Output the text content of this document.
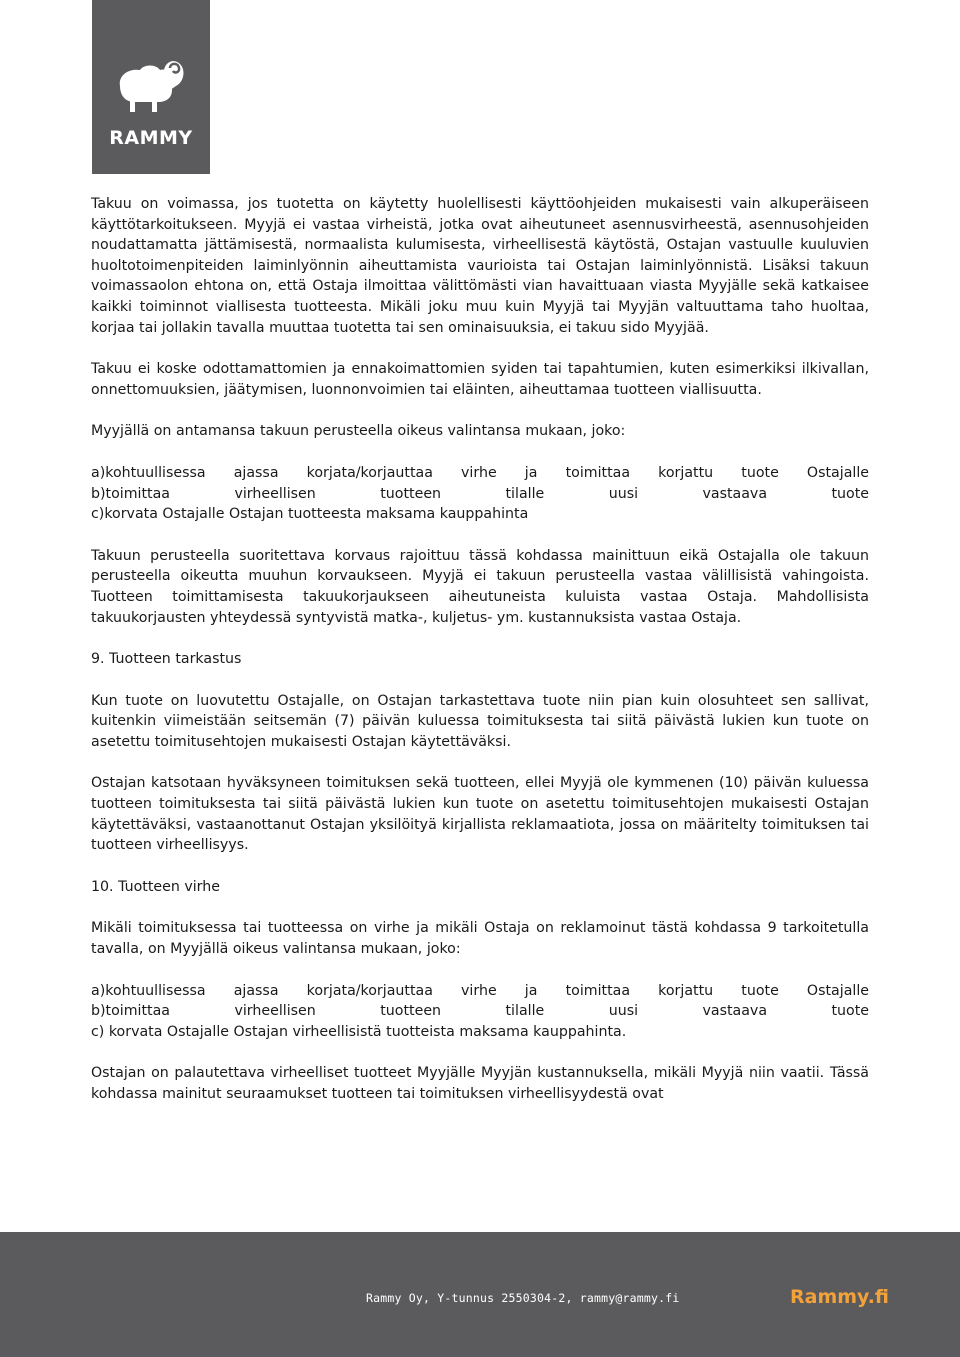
RAMMY

Takuu on voimassa, jos tuotetta on käytetty huolellisesti käyttöohjeiden mukaisesti vain alkuperäiseen käyttötarkoitukseen. Myyjä ei vastaa virheistä, jotka ovat aiheutuneet asennusvirheestä, asennusohjeiden noudattamatta jättämisestä, normaalista kulumisesta, virheellisestä käytöstä, Ostajan vastuulle kuuluvien huoltotoimenpiteiden laiminlyönnin aiheuttamista vaurioista tai Ostajan laiminlyönnistä. Lisäksi takuun voimassaolon ehtona on, että Ostaja ilmoittaa välittömästi vian havaittuaan viasta Myyjälle sekä katkaisee kaikki toiminnot viallisesta tuotteesta. Mikäli joku muu kuin Myyjä tai Myyjän valtuuttama taho huoltaa, korjaa tai jollakin tavalla muuttaa tuotetta tai sen ominaisuuksia, ei takuu sido Myyjää.

Takuu ei koske odottamattomien ja ennakoimattomien syiden tai tapahtumien, kuten esimerkiksi ilkivallan, onnettomuuksien, jäätymisen, luonnonvoimien tai eläinten, aiheuttamaa tuotteen viallisuutta.

Myyjällä on antamansa takuun perusteella oikeus valintansa mukaan, joko:

a)kohtuullisessa ajassa korjata/korjauttaa virhe ja toimittaa korjattu tuote Ostajalle
b)toimittaa virheellisen tuotteen tilalle uusi vastaava tuote
c)korvata Ostajalle Ostajan tuotteesta maksama kauppahinta

Takuun perusteella suoritettava korvaus rajoittuu tässä kohdassa mainittuun eikä Ostajalla ole takuun perusteella oikeutta muuhun korvaukseen. Myyjä ei takuun perusteella vastaa välillisistä vahingoista. Tuotteen toimittamisesta takuukorjaukseen aiheutuneista kuluista vastaa Ostaja. Mahdollisista takuukorjausten yhteydessä syntyvistä matka-, kuljetus- ym. kustannuksista vastaa Ostaja.

9. Tuotteen tarkastus

Kun tuote on luovutettu Ostajalle, on Ostajan tarkastettava tuote niin pian kuin olosuhteet sen sallivat, kuitenkin viimeistään seitsemän (7) päivän kuluessa toimituksesta tai siitä päivästä lukien kun tuote on asetettu toimitusehtojen mukaisesti Ostajan käytettäväksi.

Ostajan katsotaan hyväksyneen toimituksen sekä tuotteen, ellei Myyjä ole kymmenen (10) päivän kuluessa tuotteen toimituksesta tai siitä päivästä lukien kun tuote on asetettu toimitusehtojen mukaisesti Ostajan käytettäväksi, vastaanottanut Ostajan yksilöityä kirjallista reklamaatiota, jossa on määritelty toimituksen tai tuotteen virheellisyys.

10. Tuotteen virhe

Mikäli toimituksessa tai tuotteessa on virhe ja mikäli Ostaja on reklamoinut tästä kohdassa 9 tarkoitetulla tavalla, on Myyjällä oikeus valintansa mukaan, joko:

a)kohtuullisessa ajassa korjata/korjauttaa virhe ja toimittaa korjattu tuote Ostajalle
b)toimittaa virheellisen tuotteen tilalle uusi vastaava tuote
c) korvata Ostajalle Ostajan virheellisistä tuotteista maksama kauppahinta.

Ostajan on palautettava virheelliset tuotteet Myyjälle Myyjän kustannuksella, mikäli Myyjä niin vaatii. Tässä kohdassa mainitut seuraamukset tuotteen tai toimituksen virheellisyydestä ovat

Rammy Oy, Y-tunnus 2550304-2, rammy@rammy.fi	Rammy.fi
